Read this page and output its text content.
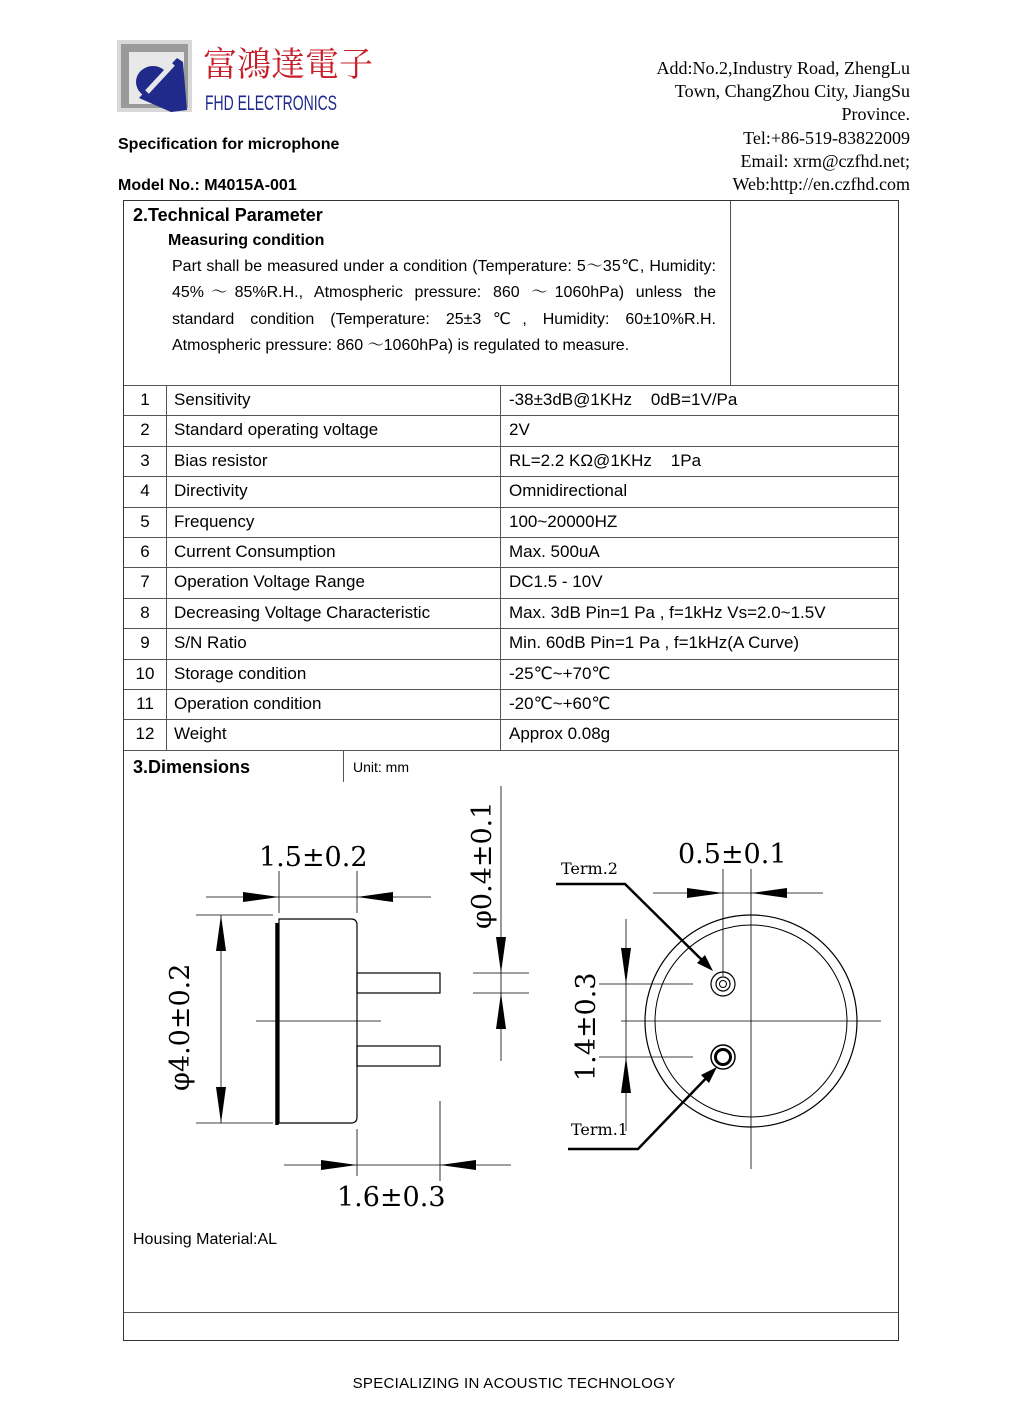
富鴻達電子
FHD ELECTRONICS
Specification for microphone
Model No.: M4015A-001
Add:No.2,Industry Road, ZhengLu
Town, ChangZhou City, JiangSu
Province.
Tel:+86-519-83822009
Email: xrm@czfhd.net;
Web:http://en.czfhd.com
2.Technical Parameter
Measuring condition
Part shall be measured under a condition (Temperature: 5～35℃, Humidity: 45%～85%R.H., Atmospheric pressure: 860 ～1060hPa) unless the standard condition (Temperature: 25±3℃, Humidity: 60±10%R.H. Atmospheric pressure: 860 ～1060hPa) is regulated to measure.
1	Sensitivity	-38±3dB@1KHz    0dB=1V/Pa
2	Standard operating voltage	2V
3	Bias resistor	RL=2.2 KΩ@1KHz    1Pa
4	Directivity	Omnidirectional
5	Frequency	100~20000HZ
6	Current Consumption	Max. 500uA
7	Operation Voltage Range	DC1.5 - 10V
8	Decreasing Voltage Characteristic	Max. 3dB Pin=1 Pa , f=1kHz Vs=2.0~1.5V
9	S/N Ratio	Min. 60dB Pin=1 Pa , f=1kHz(A Curve)
10	Storage condition	-25℃~+70℃
11	Operation condition	-20℃~+60℃
12	Weight	Approx 0.08g
3.Dimensions	Unit: mm
1.5±0.2
1.6±0.3
0.5±0.1
φ4.0±0.2
φ0.4±0.1
1.4±0.3
Term.2
Term.1
Housing Material:AL
SPECIALIZING IN ACOUSTIC TECHNOLOGY
